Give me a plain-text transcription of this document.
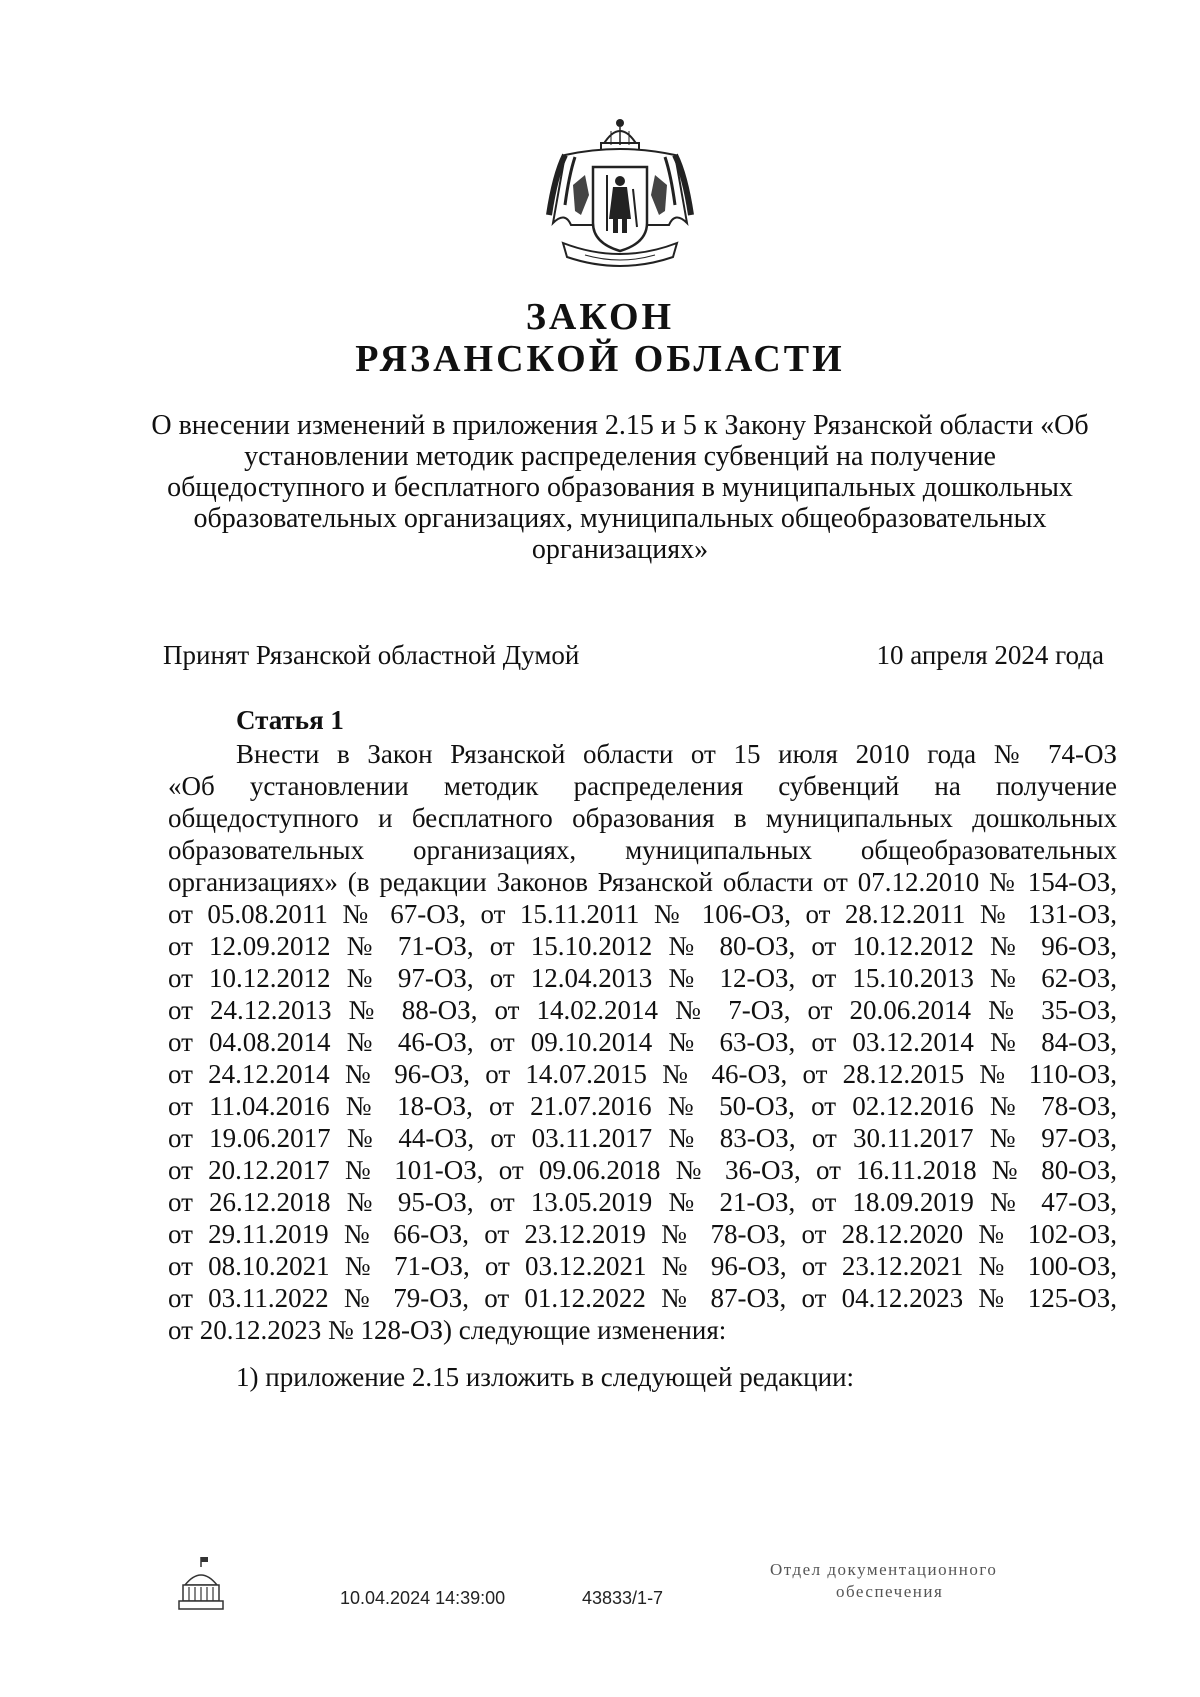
ЗАКОН
РЯЗАНСКОЙ ОБЛАСТИ
О внесении изменений в приложения 2.15 и 5 к Закону Рязанской области «Об установлении методик распределения субвенций на получение общедоступного и бесплатного образования в муниципальных дошкольных образовательных организациях, муниципальных общеобразовательных организациях»
Принят Рязанской областной Думой	10 апреля 2024 года
Статья 1
Внести в Закон Рязанской области от 15 июля 2010 года № 74-ОЗ
«Об установлении методик распределения субвенций на получение
общедоступного и бесплатного образования в муниципальных дошкольных
образовательных организациях, муниципальных общеобразовательных
организациях» (в редакции Законов Рязанской области от 07.12.2010 № 154-ОЗ,
от 05.08.2011 № 67-ОЗ, от 15.11.2011 № 106-ОЗ, от 28.12.2011 № 131-ОЗ,
от 12.09.2012 № 71-ОЗ, от 15.10.2012 № 80-ОЗ, от 10.12.2012 № 96-ОЗ,
от 10.12.2012 № 97-ОЗ, от 12.04.2013 № 12-ОЗ, от 15.10.2013 № 62-ОЗ,
от 24.12.2013 № 88-ОЗ, от 14.02.2014 № 7-ОЗ, от 20.06.2014 № 35-ОЗ,
от 04.08.2014 № 46-ОЗ, от 09.10.2014 № 63-ОЗ, от 03.12.2014 № 84-ОЗ,
от 24.12.2014 № 96-ОЗ, от 14.07.2015 № 46-ОЗ, от 28.12.2015 № 110-ОЗ,
от 11.04.2016 № 18-ОЗ, от 21.07.2016 № 50-ОЗ, от 02.12.2016 № 78-ОЗ,
от 19.06.2017 № 44-ОЗ, от 03.11.2017 № 83-ОЗ, от 30.11.2017 № 97-ОЗ,
от 20.12.2017 № 101-ОЗ, от 09.06.2018 № 36-ОЗ, от 16.11.2018 № 80-ОЗ,
от 26.12.2018 № 95-ОЗ, от 13.05.2019 № 21-ОЗ, от 18.09.2019 № 47-ОЗ,
от 29.11.2019 № 66-ОЗ, от 23.12.2019 № 78-ОЗ, от 28.12.2020 № 102-ОЗ,
от 08.10.2021 № 71-ОЗ, от 03.12.2021 № 96-ОЗ, от 23.12.2021 № 100-ОЗ,
от 03.11.2022 № 79-ОЗ, от 01.12.2022 № 87-ОЗ, от 04.12.2023 № 125-ОЗ,
от 20.12.2023 № 128-ОЗ) следующие изменения:
1) приложение 2.15 изложить в следующей редакции:
10.04.2024 14:39:00	43833/1-7
Отдел документационного
обеспечения
